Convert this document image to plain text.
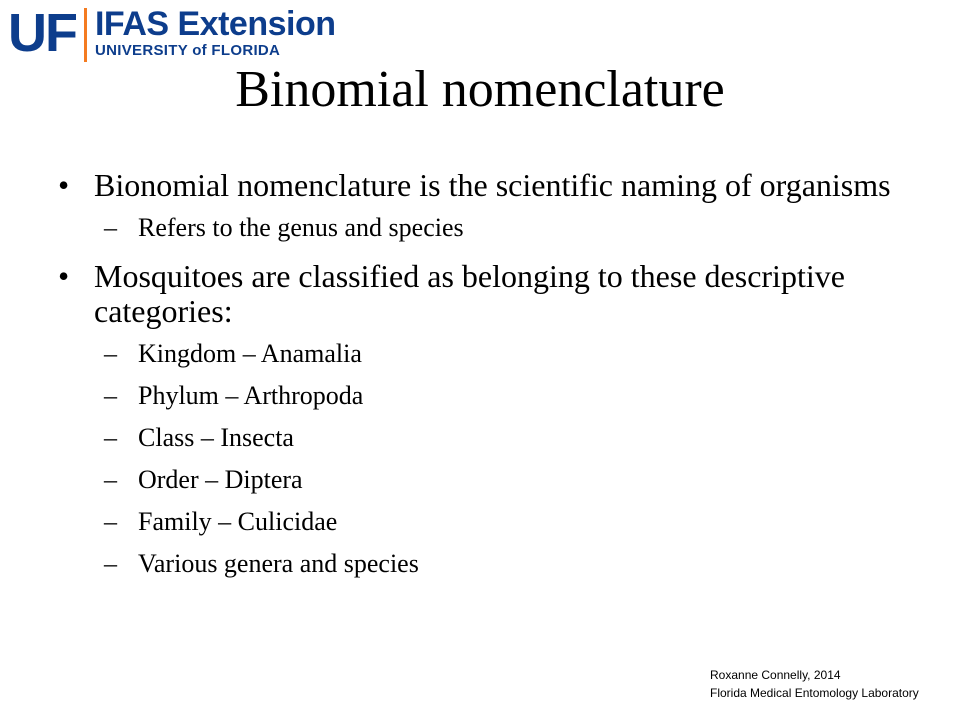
UF IFAS Extension
UNIVERSITY of FLORIDA
Binomial nomenclature
• Bionomial nomenclature is the scientific naming of organisms
– Refers to the genus and species
• Mosquitoes are classified as belonging to these descriptive categories:
– Kingdom – Anamalia
– Phylum – Arthropoda
– Class – Insecta
– Order – Diptera
– Family – Culicidae
– Various genera and species
Roxanne Connelly, 2014
Florida Medical Entomology Laboratory
